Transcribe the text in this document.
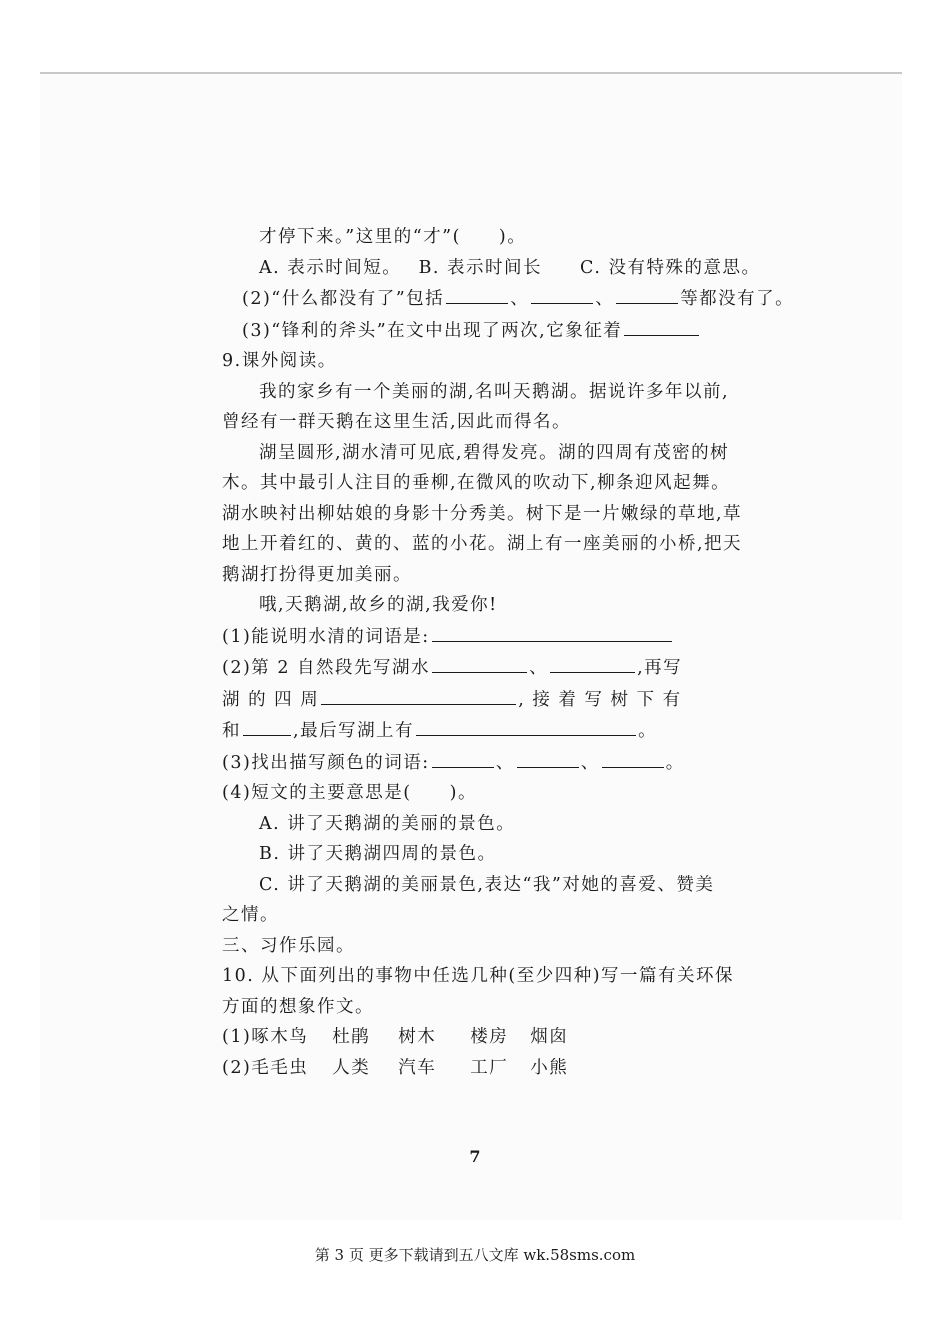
才停下来。”这里的“才”(　　)。
A. 表示时间短。　 B. 表示时间长　　C. 没有特殊的意思。
(2)“什么都没有了”包括	、	、	等都没有了。
(3)“锋利的斧头”在文中出现了两次,它象征着
9.课外阅读。
我的家乡有一个美丽的湖,名叫天鹅湖。据说许多年以前,
曾经有一群天鹅在这里生活,因此而得名。
湖呈圆形,湖水清可见底,碧得发亮。湖的四周有茂密的树
木。其中最引人注目的垂柳,在微风的吹动下,柳条迎风起舞。
湖水映衬出柳姑娘的身影十分秀美。树下是一片嫩绿的草地,草
地上开着红的、黄的、蓝的小花。湖上有一座美丽的小桥,把天
鹅湖打扮得更加美丽。
哦,天鹅湖,故乡的湖,我爱你!
(1)能说明水清的词语是:
(2)第 2 自然段先写湖水	、	,再写
湖 的 四 周	, 接 着 写 树 下 有
和	,最后写湖上有	。
(3)找出描写颜色的词语:	、	、	。
(4)短文的主要意思是(　　)。
A. 讲了天鹅湖的美丽的景色。
B. 讲了天鹅湖四周的景色。
C. 讲了天鹅湖的美丽景色,表达“我”对她的喜爱、赞美
之情。
三、习作乐园。
10. 从下面列出的事物中任选几种(至少四种)写一篇有关环保
方面的想象作文。
(1)啄木鸟 杜鹃 树木 楼房 烟囱
(2)毛毛虫 人类 汽车 工厂 小熊
7
第 3 页 更多下载请到五八文库 wk.58sms.com
